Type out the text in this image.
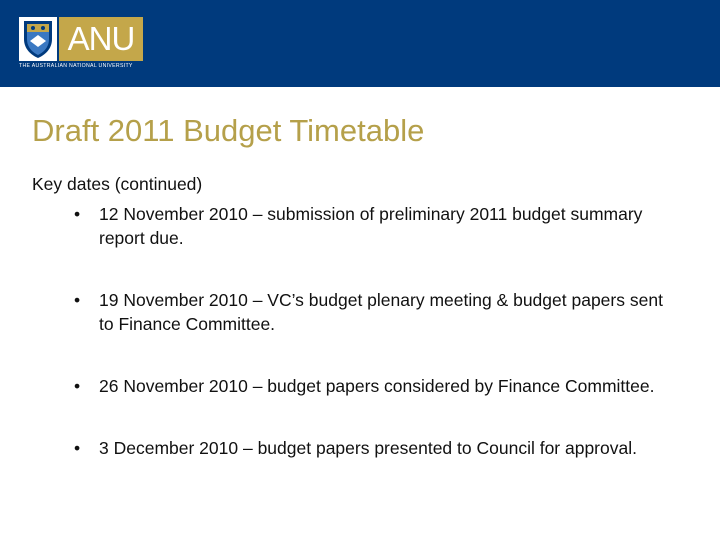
ANU
THE AUSTRALIAN NATIONAL UNIVERSITY
Draft 2011 Budget Timetable
Key dates (continued)
• 12 November 2010 – submission of preliminary 2011 budget summary report due.
• 19 November 2010 – VC’s budget plenary meeting & budget papers sent to Finance Committee.
• 26 November 2010 – budget papers considered by Finance Committee.
• 3 December 2010 – budget papers presented to Council for approval.
